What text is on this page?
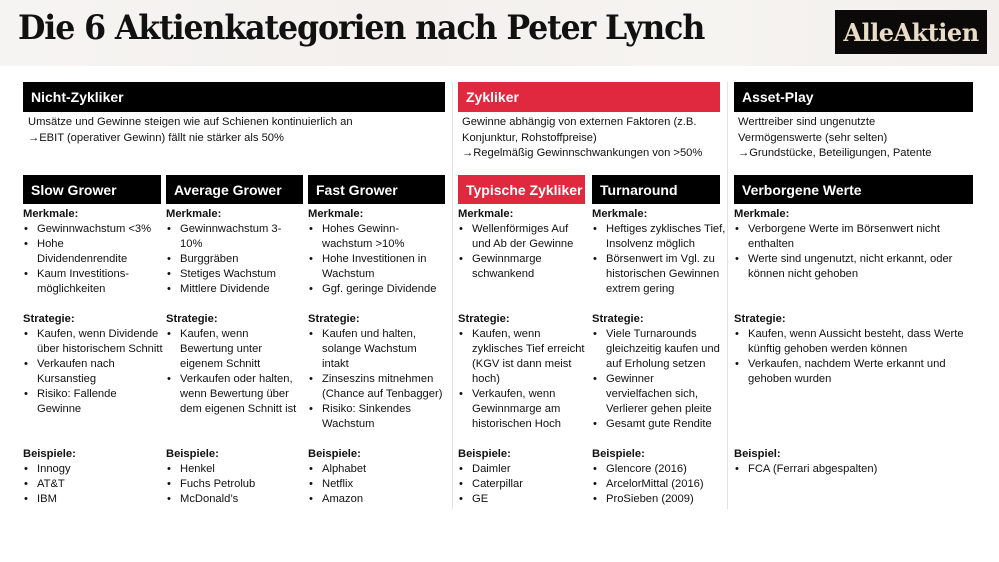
Die 6 Aktienkategorien nach Peter Lynch	AlleAktien
Nicht-Zykliker	Zykliker	Asset-Play
Umsätze und Gewinne steigen wie auf Schienen kontinuierlich an
→EBIT (operativer Gewinn) fällt nie stärker als 50%
Gewinne abhängig von externen Faktoren (z.B.
Konjunktur, Rohstoffpreise)
→Regelmäßig Gewinnschwankungen von >50%
Werttreiber sind ungenutzte
Vermögenswerte (sehr selten)
→Grundstücke, Beteiligungen, Patente
Slow Grower	Average Grower	Fast Grower	Typische Zykliker	Turnaround	Verborgene Werte
Merkmale:
• Gewinnwachstum <3%
• Hohe Dividendenrendite
• Kaum Investitions-möglichkeiten
Strategie:
• Kaufen, wenn Dividende über historischem Schnitt
• Verkaufen nach Kursanstieg
• Risiko: Fallende Gewinne
Beispiele:
• Innogy
• AT&T
• IBM
Merkmale:
• Gewinnwachstum 3-10%
• Burggräben
• Stetiges Wachstum
• Mittlere Dividende
Strategie:
• Kaufen, wenn Bewertung unter eigenem Schnitt
• Verkaufen oder halten, wenn Bewertung über dem eigenen Schnitt ist
Beispiele:
• Henkel
• Fuchs Petrolub
• McDonald’s
Merkmale:
• Hohes Gewinn-wachstum >10%
• Hohe Investitionen in Wachstum
• Ggf. geringe Dividende
Strategie:
• Kaufen und halten, solange Wachstum intakt
• Zinseszins mitnehmen (Chance auf Tenbagger)
• Risiko: Sinkendes Wachstum
Beispiele:
• Alphabet
• Netflix
• Amazon
Merkmale:
• Wellenförmiges Auf und Ab der Gewinne
• Gewinnmarge schwankend
Strategie:
• Kaufen, wenn zyklisches Tief erreicht (KGV ist dann meist hoch)
• Verkaufen, wenn Gewinnmarge am historischen Hoch
Beispiele:
• Daimler
• Caterpillar
• GE
Merkmale:
• Heftiges zyklisches Tief, Insolvenz möglich
• Börsenwert im Vgl. zu historischen Gewinnen extrem gering
Strategie:
• Viele Turnarounds gleichzeitig kaufen und auf Erholung setzen
• Gewinner vervielfachen sich, Verlierer gehen pleite
• Gesamt gute Rendite
Beispiele:
• Glencore (2016)
• ArcelorMittal (2016)
• ProSieben (2009)
Merkmale:
• Verborgene Werte im Börsenwert nicht enthalten
• Werte sind ungenutzt, nicht erkannt, oder können nicht gehoben
Strategie:
• Kaufen, wenn Aussicht besteht, dass Werte künftig gehoben werden können
• Verkaufen, nachdem Werte erkannt und gehoben wurden
Beispiel:
• FCA (Ferrari abgespalten)
